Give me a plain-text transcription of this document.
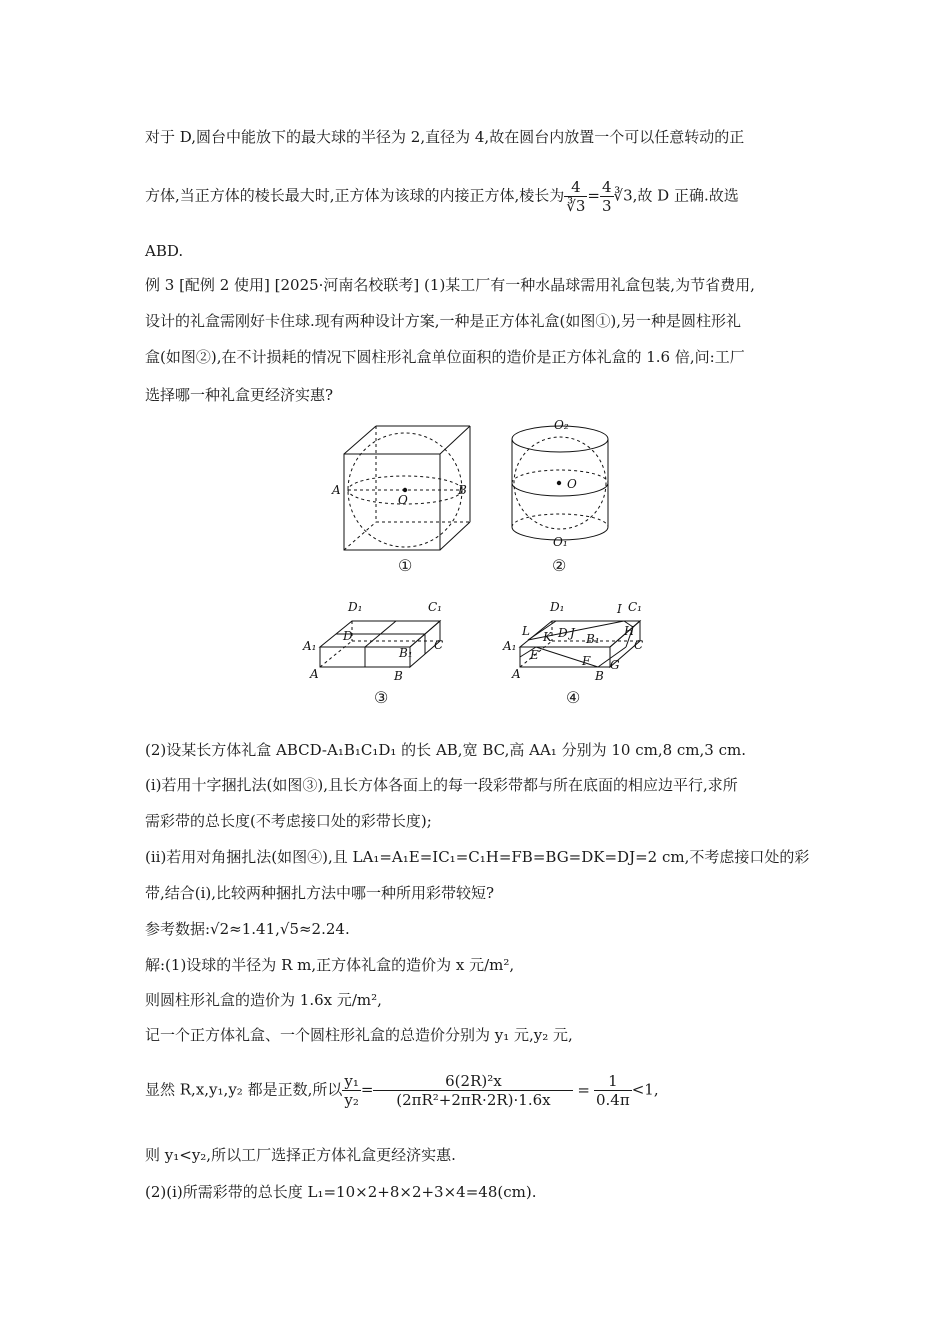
对于 D,圆台中能放下的最大球的半径为 2,直径为 4,故在圆台内放置一个可以任意转动的正
方体,当正方体的棱长最大时,正方体为该球的内接正方体,棱长为 $\frac{4}{∛3} = \frac{4}{3}$ ∛3,故 D 正确.故选
ABD.
例 3 [配例 2 使用] [2025·河南名校联考] (1)某工厂有一种水晶球需用礼盒包装,为节省费用,
设计的礼盒需刚好卡住球.现有两种设计方案,一种是正方体礼盒(如图①),另一种是圆柱形礼
盒(如图②),在不计损耗的情况下圆柱形礼盒单位面积的造价是正方体礼盒的 1.6 倍,问:工厂
选择哪一种礼盒更经济实惠?
A	B
O
①
O₂
O
O₁
②
D₁	C₁
A₁
D
B₁
C
A	B
③
D₁	I C₁
L K D J B₁
H
A₁
E
C
F G
A	B
④
(2)设某长方体礼盒 ABCD-A₁B₁C₁D₁ 的长 AB,宽 BC,高 AA₁ 分别为 10 cm,8 cm,3 cm.
(i)若用十字捆扎法(如图③),且长方体各面上的每一段彩带都与所在底面的相应边平行,求所
需彩带的总长度(不考虑接口处的彩带长度);
(ii)若用对角捆扎法(如图④),且 LA₁=A₁E=IC₁=C₁H=FB=BG=DK=DJ=2 cm,不考虑接口处的彩
带,结合(i),比较两种捆扎方法中哪一种所用彩带较短?
参考数据:√2≈1.41,√5≈2.24.
解:(1)设球的半径为 R m,正方体礼盒的造价为 x 元/m²,
则圆柱形礼盒的造价为 1.6x 元/m²,
记一个正方体礼盒、一个圆柱形礼盒的总造价分别为 y₁ 元,y₂ 元,
显然 R,x,y₁,y₂ 都是正数,所以 $\frac{\text{y₁}}{\text{y₂}} = \frac{\text{6(2R)²x}}{\text{(2πR²+2πR·2R)·1.6x}} = \frac{1}{0.4\pi} <1$,
则 y₁<y₂,所以工厂选择正方体礼盒更经济实惠.
(2)(i)所需彩带的总长度 L₁=10×2+8×2+3×4=48(cm).
